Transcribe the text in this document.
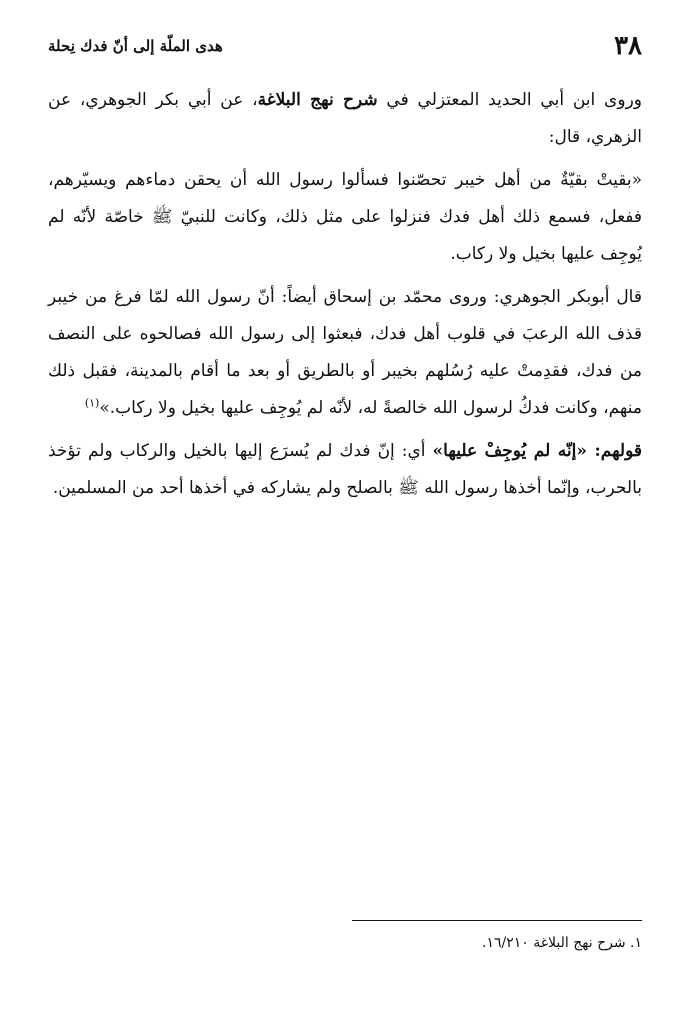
٣٨
هدى الملّة إلى أنّ فدك نِحلة

وروى ابن أبي الحديد المعتزلي في شرح نهج البلاغة، عن أبي بكر الجوهري، عن الزهري، قال:

«بقيتْ بقيّةٌ من أهل خيبر تحصّنوا فسألوا رسول الله أن يحقن دماءهم ويسيّرهم، ففعل، فسمع ذلك أهل فدك فنزلوا على مثل ذلك، وكانت للنبيّ ﷺ خاصّة لأنّه لم يُوجِف عليها بخيل ولا ركاب.

قال أبوبكر الجوهري: وروى محمّد بن إسحاق أيضاً: أنّ رسول الله لمّا فرغ من خيبر قذف الله الرعبَ في قلوب أهل فدك، فبعثوا إلى رسول الله فصالحوه على النصف من فدك، فقدِمتْ عليه رُسُلهم بخيبر أو بالطريق أو بعد ما أقام بالمدينة، فقبل ذلك منهم، وكانت فدكُ لرسول الله خالصةً له، لأنّه لم يُوجِف عليها بخيل ولا ركاب.»$^{(١)}$

قولهم: «إنّه لم يُوجِفْ عليها» أي: إنّ فدك لم يُسرَع إليها بالخيل والركاب ولم تؤخذ بالحرب، وإنّما أخذها رسول الله ﷺ بالصلح ولم يشاركه في أخذها أحد من المسلمين.

١. شرح نهج البلاغة ١٦/٢١٠.
